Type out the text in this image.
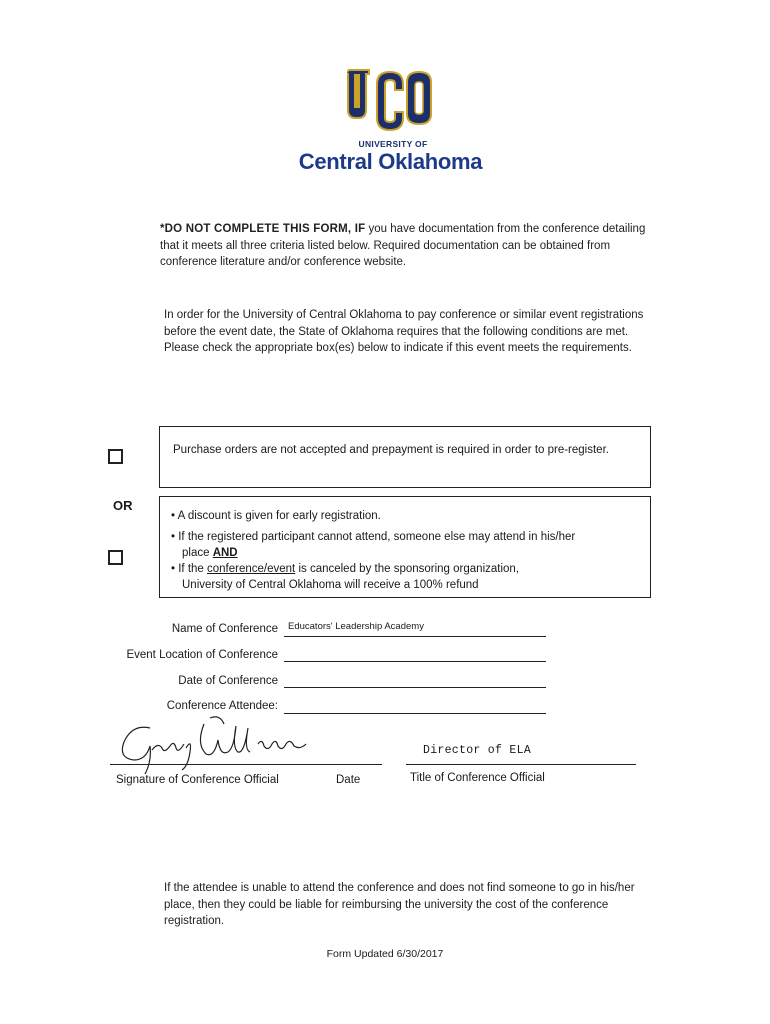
UNIVERSITY OF
Central Oklahoma
*DO NOT COMPLETE THIS FORM, IF you have documentation from the conference detailing that it meets all three criteria listed below. Required documentation can be obtained from conference literature and/or conference website.
In order for the University of Central Oklahoma to pay conference or similar event registrations before the event date, the State of Oklahoma requires that the following conditions are met. Please check the appropriate box(es) below to indicate if this event meets the requirements.
Purchase orders are not accepted and prepayment is required in order to pre-register.
OR
• A discount is given for early registration.
• If the registered participant cannot attend, someone else may attend in his/her
place AND
• If the conference/event is canceled by the sponsoring organization,
University of Central Oklahoma will receive a 100% refund
Name of Conference Educators' Leadership Academy
Event Location of Conference
Date of Conference
Conference Attendee:
Director of ELA
Signature of Conference Official	Date	Title of Conference Official
If the attendee is unable to attend the conference and does not find someone to go in his/her place, then they could be liable for reimbursing the university the cost of the conference registration.
Form Updated 6/30/2017
